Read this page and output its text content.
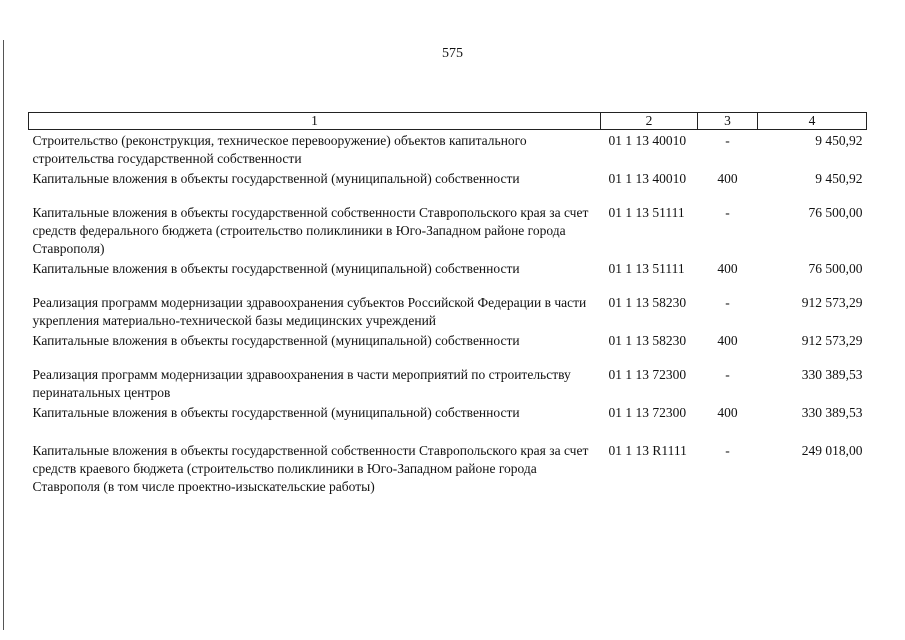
575
1	2	3	4
Строительство (реконструкция, техническое перевооружение) объектов капитального строительства государственной собственности	01 1 13 40010	-	9 450,92
Капитальные вложения в объекты государственной (муниципальной) собственности	01 1 13 40010	400	9 450,92
Капитальные вложения в объекты государственной собственности Ставропольского края за счет средств федерального бюджета (строительство поликлиники в Юго-Западном районе города Ставрополя)	01 1 13 51111	-	76 500,00
Капитальные вложения в объекты государственной (муниципальной) собственности	01 1 13 51111	400	76 500,00
Реализация программ модернизации здравоохранения субъектов Российской Федерации в части укрепления материально-технической базы медицинских учреждений	01 1 13 58230	-	912 573,29
Капитальные вложения в объекты государственной (муниципальной) собственности	01 1 13 58230	400	912 573,29
Реализация программ модернизации здравоохранения в части мероприятий по строительству перинатальных центров	01 1 13 72300	-	330 389,53
Капитальные вложения в объекты государственной (муниципальной) собственности	01 1 13 72300	400	330 389,53
Капитальные вложения в объекты государственной собственности Ставропольского края за счет средств краевого бюджета (строительство поликлиники в Юго-Западном районе города Ставрополя (в том числе проектно-изыскательские работы)	01 1 13 R1111	-	249 018,00
